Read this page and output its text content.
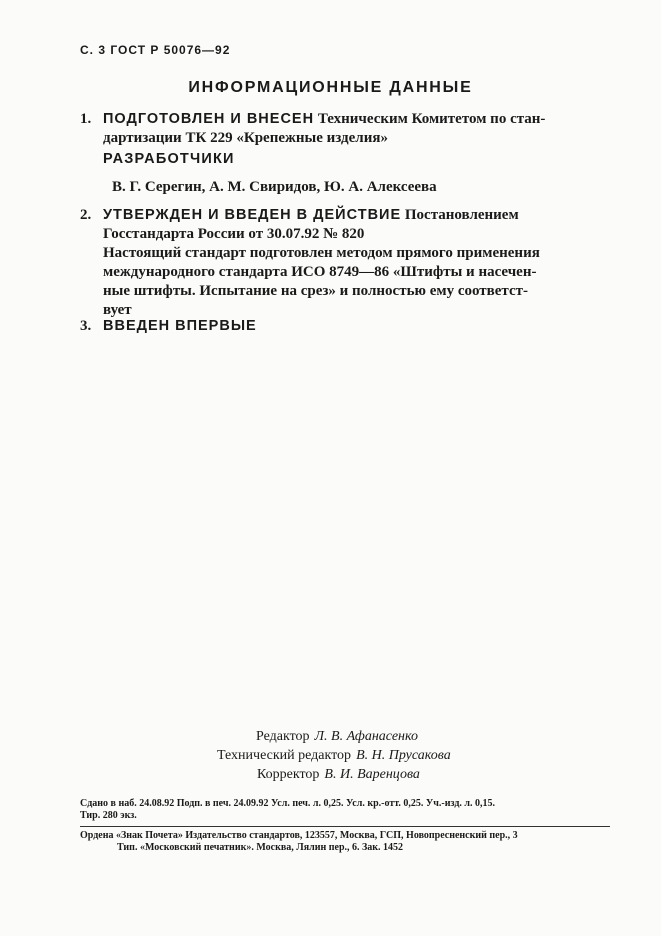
С. 3 ГОСТ Р 50076—92
ИНФОРМАЦИОННЫЕ ДАННЫЕ
1. ПОДГОТОВЛЕН И ВНЕСЕН Техническим Комитетом по стан-
дартизации ТК 229 «Крепежные изделия»
РАЗРАБОТЧИКИ
В. Г. Серегин, А. М. Свиридов, Ю. А. Алексеева
2. УТВЕРЖДЕН И ВВЕДЕН В ДЕЙСТВИЕ Постановлением
Госстандарта России от 30.07.92 № 820
Настоящий стандарт подготовлен методом прямого применения
международного стандарта ИСО 8749—86 «Штифты и насечен-
ные штифты. Испытание на срез» и полностью ему соответст-
вует
3. ВВЕДЕН ВПЕРВЫЕ
Редактор Л. В. Афанасенко
Технический редактор В. Н. Прусакова
Корректор В. И. Варенцова
Сдано в наб. 24.08.92 Подп. в печ. 24.09.92 Усл. печ. л. 0,25. Усл. кр.-отт. 0,25. Уч.-изд. л. 0,15.
Тир. 280 экз.
Ордена «Знак Почета» Издательство стандартов, 123557, Москва, ГСП, Новопресненский пер., 3
Тип. «Московский печатник». Москва, Лялин пер., 6. Зак. 1452
